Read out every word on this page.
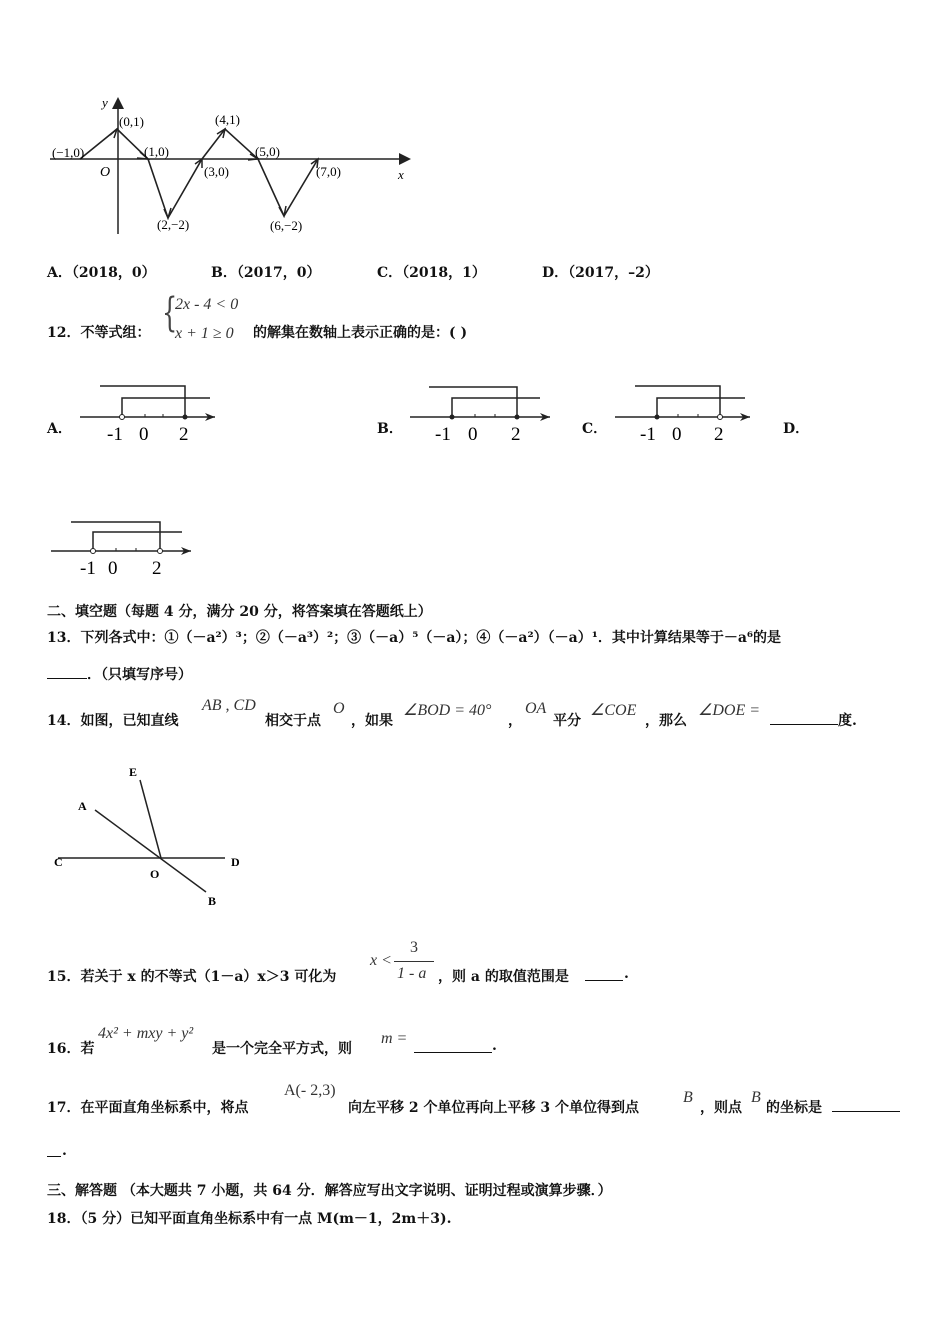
y
x
O
(−1,0)
(0,1)
(1,0)
(2,−2)
(3,0)
(4,1)
(5,0)
(6,−2)
(7,0)
A．（2018，0）	B．（2017，0）	C．（2018，1）	D．（2017，–2）
12．不等式组： {
2x - 4 < 0
x + 1 ≥ 0 的解集在数轴上表示正确的是：( )
A．	B．	C．	D．
-1 0 2	-1 0 2	-1 0 2
-1 0 2
二、填空题（每题 4 分，满分 20 分，将答案填在答题纸上）
13．下列各式中：①（－a²）³；②（－a³）²；③（－a）⁵（－a）；④（－a²）（－a）¹．其中计算结果等于－a⁶的是
．（只填写序号）
14．如图，已知直线
AB , CD
相交于点
O
，如果
∠BOD = 40°
，
OA
平分
∠COE
，那么
∠DOE =
度.
E
A
C
O
D
B
15．若关于 x 的不等式（1－a）x＞3 可化为
x <
3
1 - a ，则 a 的取值范围是	.
16．若
4x² + mxy + y²
是一个完全平方式，则
m =	.
17．在平面直角坐标系中，将点
A(- 2,3)
向左平移 2 个单位再向上平移 3 个单位得到点
B
，则点
B
的坐标是
.
三、解答题 （本大题共 7 小题，共 64 分．解答应写出文字说明、证明过程或演算步骤．）
18．（5 分）已知平面直角坐标系中有一点 M(m－1，2m＋3).
